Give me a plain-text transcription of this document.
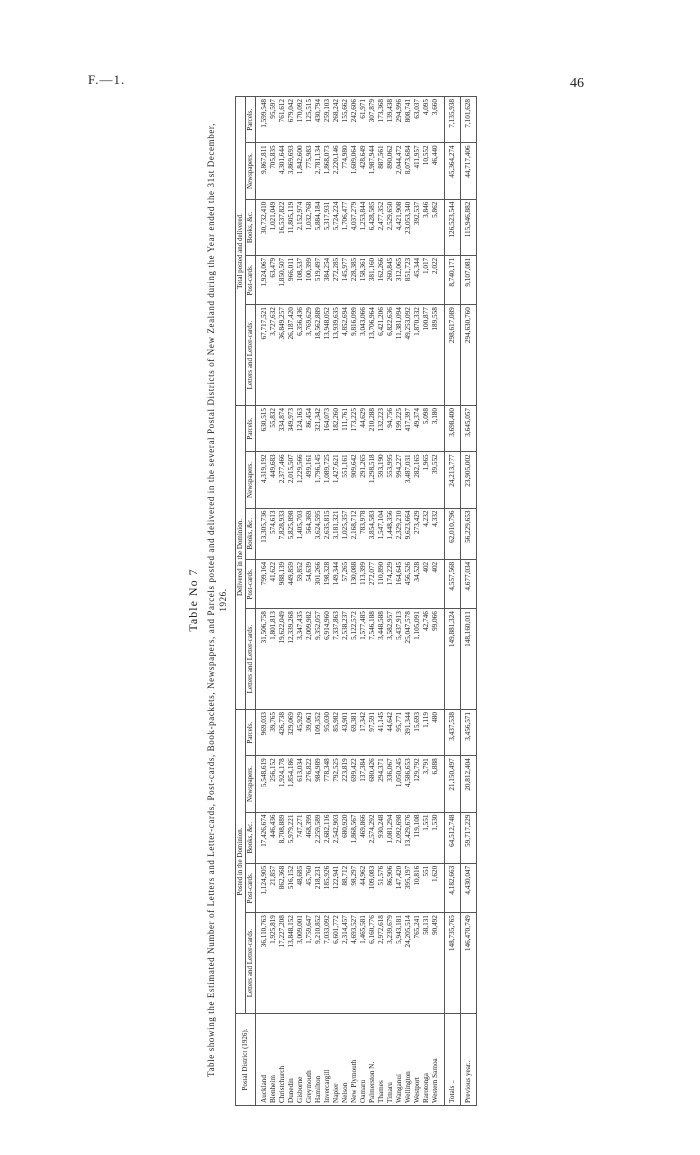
F.—1.	46

Table No 7 Table showing the Estimated Number of Letters and Letter-cards, Post-cards, Book-packets, Newspapers, and Parcels posted and delivered in the several Postal Districts of New Zealand during the Year ended the 31st December, 1926.

Postal District (1926).	Posted in the Dominion.					Delivered in the Dominion.					Total posted and delivered.				
	Letters and Letter-cards.	Post-cards.	Books, &c.	Newspapers.	Parcels.	Letters and Letter-cards.	Post-cards.	Books, &c.	Newspapers.	Parcels.	Letters and Letter-cards.	Post-cards.	Books, &c.	Newspapers.	Parcels.
Auckland	36,110,763	1,124,905	17,426,674	5,548,619	969,033	31,506,758	799,164	13,305,736	4,319,192	630,515	67,717,521	1,924,067	30,732,410	9,867,811	1,599,548
Blenheim	1,925,819	21,857	446,436	256,152	39,765	1,801,813	41,622	574,613	449,683	55,832	3,727,632	63,479	1,021,049	705,835	95,597
Christchurch	17,227,208	862,368	8,708,889	1,924,178	426,738	19,622,049	988,139	7,828,933	2,377,466	334,874	36,849,257	1,850,507	16,537,822	4,301,644	761,612
Dunedin	13,848,152	516,152	5,979,221	1,854,186	329,069	12,339,268	449,859	5,825,898	2,015,507	349,973	26,187,420	966,011	11,805,119	3,869,693	679,042
Gisborne	3,009,001	48,685	747,271	613,034	45,929	3,347,435	59,852	1,405,703	1,229,566	124,163	6,356,436	108,537	2,152,974	1,842,600	170,092
Greymouth	1,759,647	45,760	468,399	276,822	39,061	2,009,982	54,639	564,369	499,161	86,454	3,769,629	100,399	1,032,768	775,983	125,515
Hamilton	9,210,852	218,231	2,259,589	984,989	109,352	9,352,057	301,266	3,624,595	1,796,145	321,342	18,562,889	519,497	5,884,184	2,781,134	430,794
Invercargill	7,033,092	185,926	2,682,116	778,348	95,030	6,914,960	198,328	2,635,815	1,089,725	164,073	13,948,052	384,254	5,317,931	1,868,073	259,103
Napier	6,601,772	122,941	2,542,903	792,525	85,982	7,337,863	149,344	3,181,321	1,427,621	182,260	13,939,635	272,285	5,724,224	2,220,146	268,242
Nelson	2,314,457	88,712	680,920	223,819	43,901	2,538,237	57,265	1,025,357	551,161	111,761	4,852,694	145,977	1,706,477	774,980	155,662
New Plymouth	4,693,527	98,297	1,868,567	699,422	69,381	5,122,572	130,088	2,168,712	909,642	173,225	9,816,099	228,385	4,037,279	1,609,064	242,606
Oamaru	1,465,581	44,962	469,866	137,384	17,342	1,577,485	113,399	783,978	291,265	44,629	3,043,066	158,361	1,253,844	428,649	61,971
Palmerston N.	6,160,776	109,083	2,574,292	680,426	97,591	7,546,188	272,077	3,854,583	1,298,518	210,288	13,706,964	381,160	6,428,585	1,987,944	307,879
Thames	2,972,618	51,576	930,248	294,371	41,145	3,448,588	110,890	1,547,104	593,190	132,223	6,421,206	162,266	2,477,352	887,561	173,368
Timaru	3,239,679	86,906	1,081,294	336,067	44,642	3,582,957	174,229	1,448,356	553,995	94,756	6,822,636	260,845	2,529,650	890,062	139,438
Wanganui	5,943,181	147,420	2,092,698	1,050,245	95,771	5,437,913	164,645	2,329,210	994,227	199,225	11,381,094	312,065	4,421,908	2,044,472	294,996
Wellington	24,205,514	395,197	13,429,676	4,586,653	391,344	25,047,578	456,526	9,623,664	3,487,031	417,397	49,253,092	851,723	23,053,340	8,073,684	808,741
Westport	765,241	10,816	119,108	129,792	15,693	1,105,091	34,528	273,429	282,165	49,374	1,870,332	45,344	392,537	411,957	63,037
Rarotonga	58,131	551	1,551	3,791	1,119	42,746	402	4,232	1,965	5,098	100,877	1,017	3,846	10,552	4,095
Western Samoa	90,492	1,620	1,530	6,888	480	99,066	402	4,332	39,552	3,180	189,558	2,022	5,862	46,440	3,660
Totals ..	148,735,765	4,182,663	64,512,748	21,150,497	3,437,538	149,881,324	4,557,568	62,010,796	24,213,777	3,698,400	298,617,089	8,740,171	126,523,544	45,364,274	7,135,938
Previous year..	146,470,749	4,430,047	59,717,229	20,812,404	3,456,571	148,160,011	4,677,034	56,229,653	23,905,002	3,645,057	294,630,760	9,107,081	115,946,882	44,717,406	7,101,628
